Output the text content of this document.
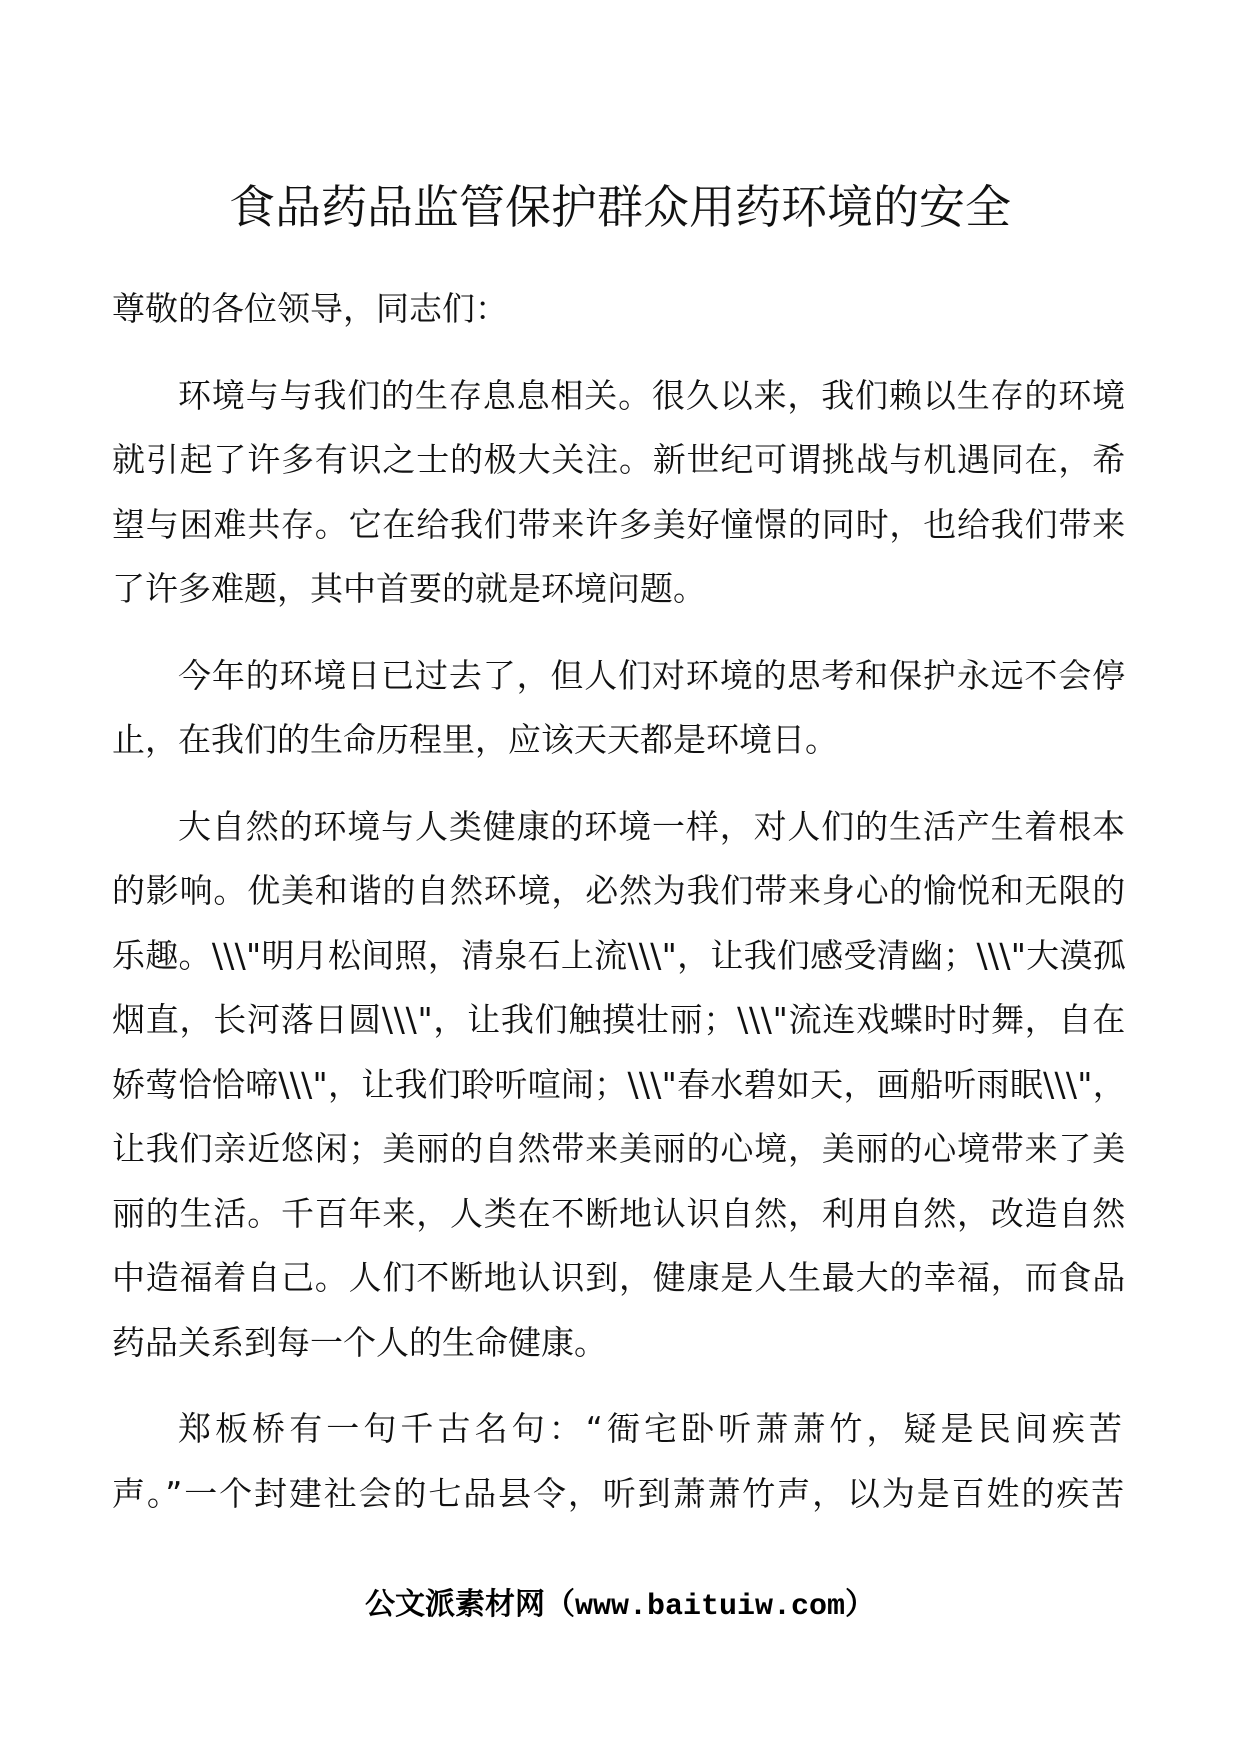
食品药品监管保护群众用药环境的安全
尊敬的各位领导，同志们：
环境与与我们的生存息息相关。很久以来，我们赖以生存的环境
就引起了许多有识之士的极大关注。新世纪可谓挑战与机遇同在，希
望与困难共存。它在给我们带来许多美好憧憬的同时，也给我们带来
了许多难题，其中首要的就是环境问题。
今年的环境日已过去了，但人们对环境的思考和保护永远不会停
止，在我们的生命历程里，应该天天都是环境日。
大自然的环境与人类健康的环境一样，对人们的生活产生着根本
的影响。优美和谐的自然环境，必然为我们带来身心的愉悦和无限的
乐趣。\\\"明月松间照，清泉石上流\\\"，让我们感受清幽；\\\"大漠孤
烟直，长河落日圆\\\"，让我们触摸壮丽；\\\"流连戏蝶时时舞，自在
娇莺恰恰啼\\\"，让我们聆听喧闹；\\\"春水碧如天，画船听雨眠\\\"，
让我们亲近悠闲；美丽的自然带来美丽的心境，美丽的心境带来了美
丽的生活。千百年来，人类在不断地认识自然，利用自然，改造自然
中造福着自己。人们不断地认识到，健康是人生最大的幸福，而食品
药品关系到每一个人的生命健康。
郑板桥有一句千古名句：“衙宅卧听萧萧竹，疑是民间疾苦
声。”一个封建社会的七品县令，听到萧萧竹声，以为是百姓的疾苦
公文派素材网（www.baituiw.com）
